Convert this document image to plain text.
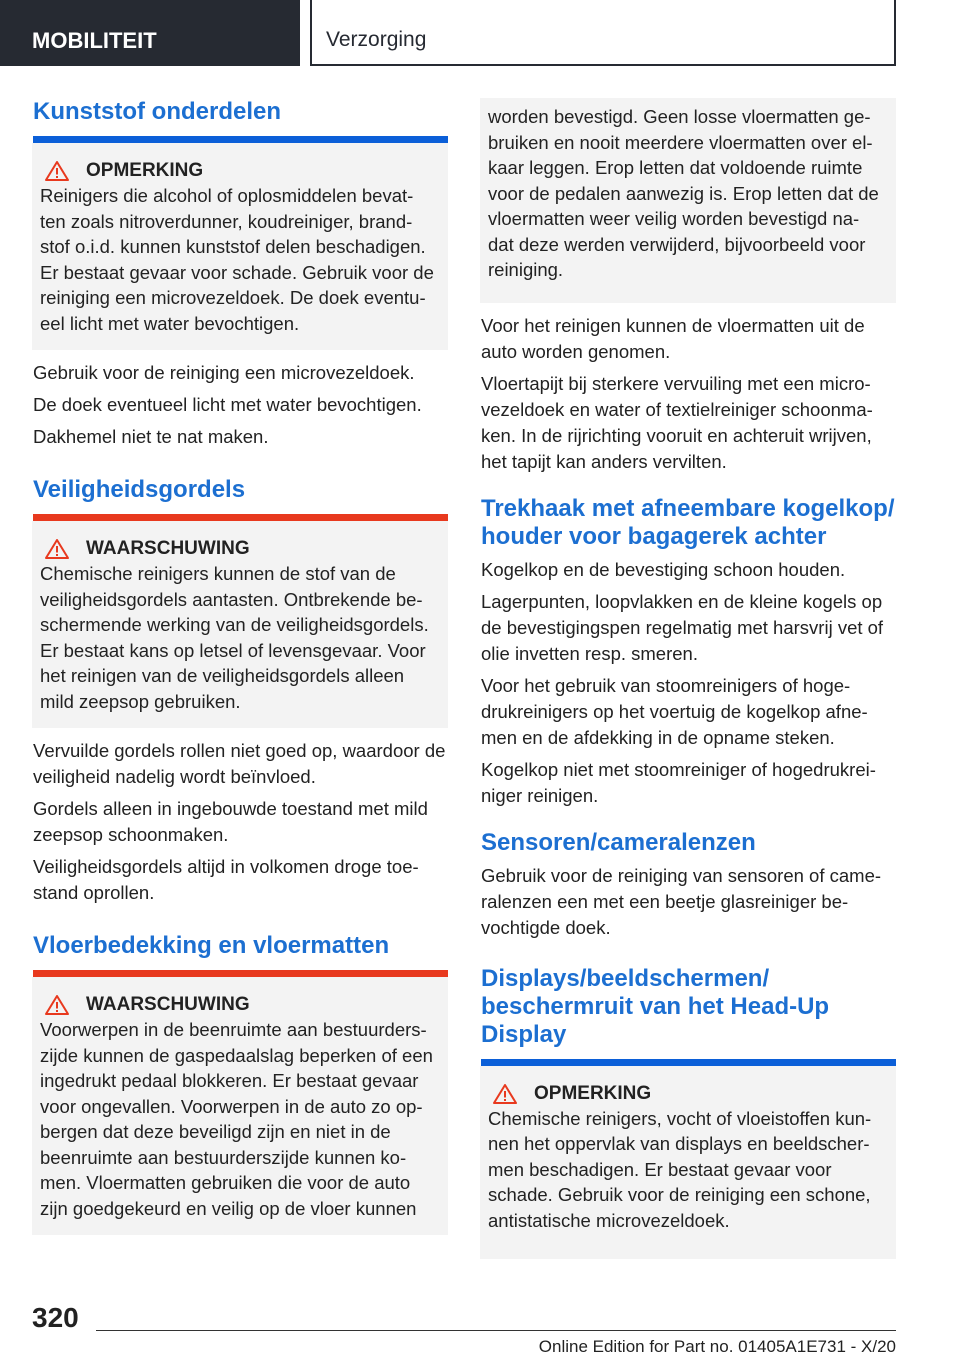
MOBILITEIT	Verzorging
Kunststof onderdelen
OPMERKING
Reinigers die alcohol of oplosmiddelen bevat‐ ten zoals nitroverdunner, koudreiniger, brand‐ stof o.i.d. kunnen kunststof delen beschadigen. Er bestaat gevaar voor schade. Gebruik voor de reiniging een microvezeldoek. De doek eventu‐ eel licht met water bevochtigen.

Gebruik voor de reiniging een microvezeldoek.

De doek eventueel licht met water bevochtigen.

Dakhemel niet te nat maken.

Veiligheidsgordels
WAARSCHUWING
Chemische reinigers kunnen de stof van de veiligheidsgordels aantasten. Ontbrekende be‐ schermende werking van de veiligheidsgordels. Er bestaat kans op letsel of levensgevaar. Voor het reinigen van de veiligheidsgordels alleen mild zeepsop gebruiken.

Vervuilde gordels rollen niet goed op, waardoor de veiligheid nadelig wordt beïnvloed.

Gordels alleen in ingebouwde toestand met mild zeepsop schoonmaken.

Veiligheidsgordels altijd in volkomen droge toe‐ stand oprollen.

Vloerbedekking en vloermatten
WAARSCHUWING
Voorwerpen in de beenruimte aan bestuurders‐ zijde kunnen de gaspedaalslag beperken of een ingedrukt pedaal blokkeren. Er bestaat gevaar voor ongevallen. Voorwerpen in de auto zo op‐ bergen dat deze beveiligd zijn en niet in de beenruimte aan bestuurderszijde kunnen ko‐ men. Vloermatten gebruiken die voor de auto zijn goedgekeurd en veilig op de vloer kunnen
worden bevestigd. Geen losse vloermatten ge‐ bruiken en nooit meerdere vloermatten over el‐ kaar leggen. Erop letten dat voldoende ruimte voor de pedalen aanwezig is. Erop letten dat de vloermatten weer veilig worden bevestigd na‐ dat deze werden verwijderd, bijvoorbeeld voor reiniging.

Voor het reinigen kunnen de vloermatten uit de auto worden genomen.

Vloertapijt bij sterkere vervuiling met een micro‐ vezeldoek en water of textielreiniger schoonma‐ ken. In de rijrichting vooruit en achteruit wrijven, het tapijt kan anders vervilten.

Trekhaak met afneembare kogelkop/ houder voor bagagerek achter

Kogelkop en de bevestiging schoon houden.

Lagerpunten, loopvlakken en de kleine kogels op de bevestigingspen regelmatig met harsvrij vet of olie invetten resp. smeren.

Voor het gebruik van stoomreinigers of hoge‐ drukreinigers op het voertuig de kogelkop afne‐ men en de afdekking in de opname steken.

Kogelkop niet met stoomreiniger of hogedrukrei‐ niger reinigen.

Sensoren/cameralenzen

Gebruik voor de reiniging van sensoren of came‐ ralenzen een met een beetje glasreiniger be‐ vochtigde doek.

Displays/beeldschermen/ beschermruit van het Head-Up Display
OPMERKING
Chemische reinigers, vocht of vloeistoffen kun‐ nen het oppervlak van displays en beeldscher‐ men beschadigen. Er bestaat gevaar voor schade. Gebruik voor de reiniging een schone, antistatische microvezeldoek.
320
Online Edition for Part no. 01405A1E731 - X/20
